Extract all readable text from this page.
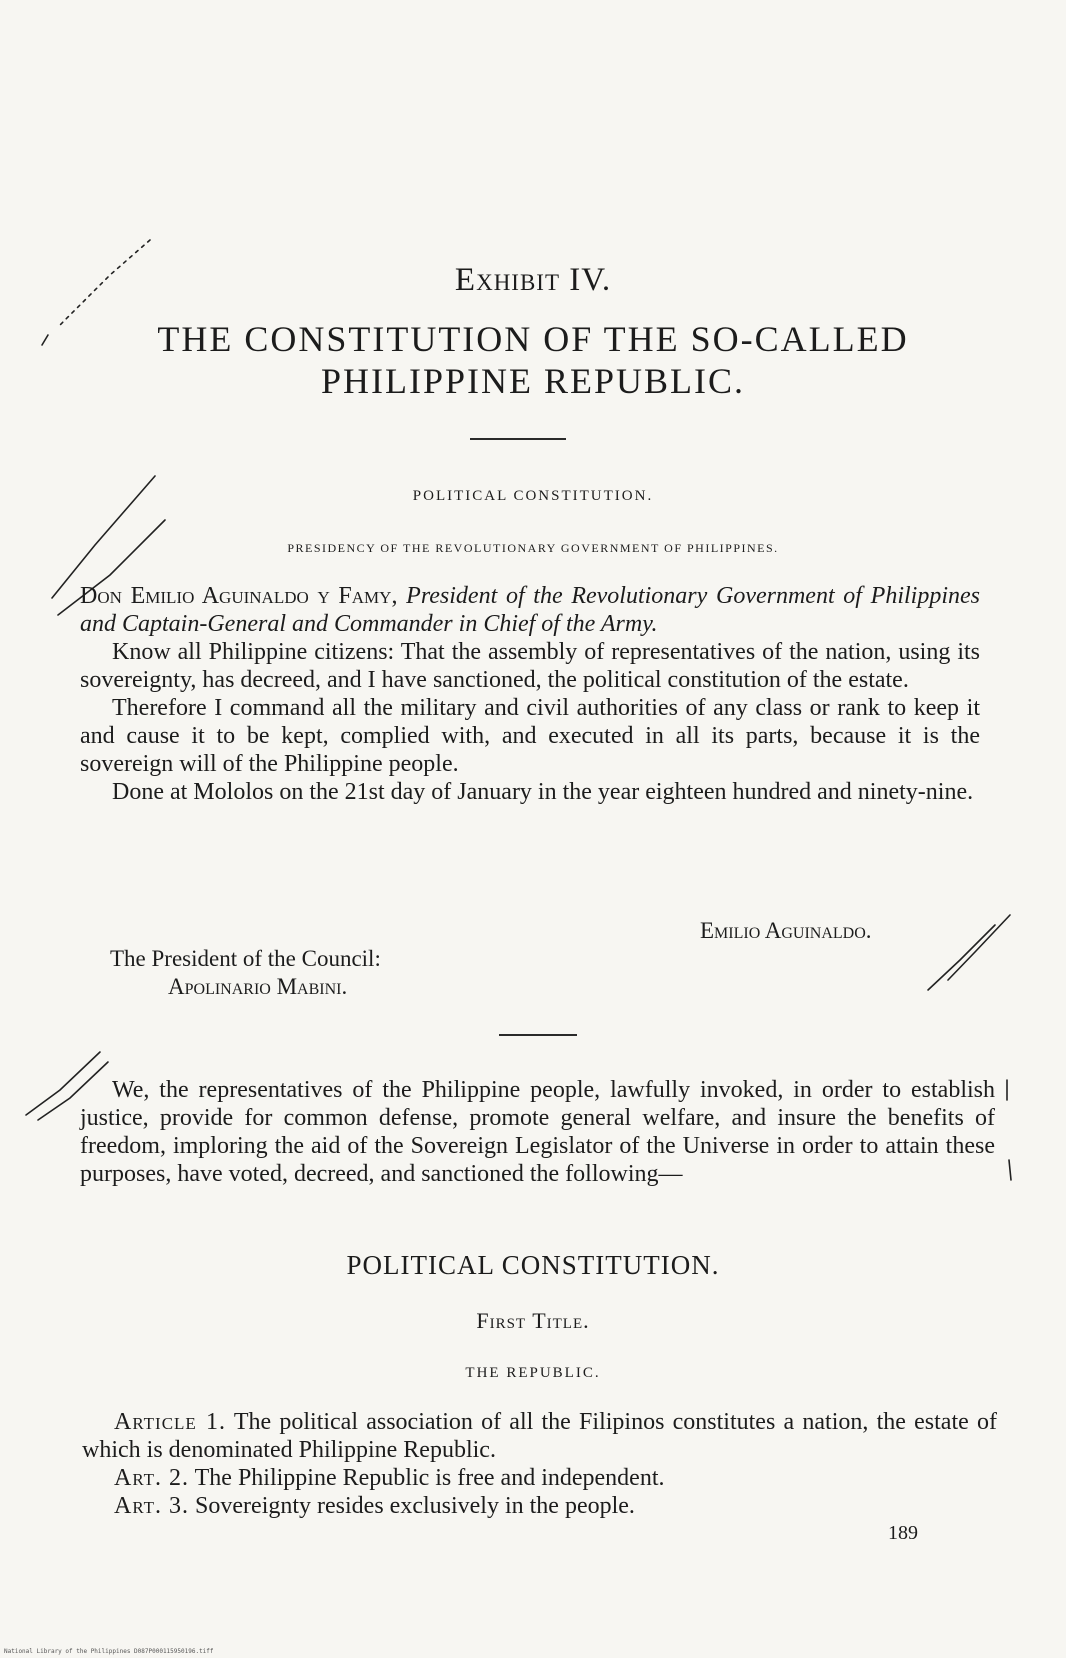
Exhibit IV.
THE CONSTITUTION OF THE SO-CALLED
PHILIPPINE REPUBLIC.
POLITICAL CONSTITUTION.
PRESIDENCY OF THE REVOLUTIONARY GOVERNMENT OF PHILIPPINES.

Don Emilio Aguinaldo y Famy, President of the Revolutionary Government of Philippines and Captain-General and Commander in Chief of the Army.

Know all Philippine citizens: That the assembly of representatives of the nation, using its sovereignty, has decreed, and I have sanctioned, the political constitution of the estate.

Therefore I command all the military and civil authorities of any class or rank to keep it and cause it to be kept, complied with, and executed in all its parts, because it is the sovereign will of the Philippine people.

Done at Mololos on the 21st day of January in the year eighteen hundred and ninety-nine.

Emilio Aguinaldo.
The President of the Council:
Apolinario Mabini.

We, the representatives of the Philippine people, lawfully invoked, in order to establish justice, provide for common defense, promote general welfare, and insure the benefits of freedom, imploring the aid of the Sovereign Legislator of the Universe in order to attain these purposes, have voted, decreed, and sanctioned the following—

POLITICAL CONSTITUTION.
First Title.
THE REPUBLIC.

Article 1. The political association of all the Filipinos constitutes a nation, the estate of which is denominated Philippine Republic.

Art. 2. The Philippine Republic is free and independent.

Art. 3. Sovereignty resides exclusively in the people.

189
National Library of the Philippines D087P000115950196.tiff
